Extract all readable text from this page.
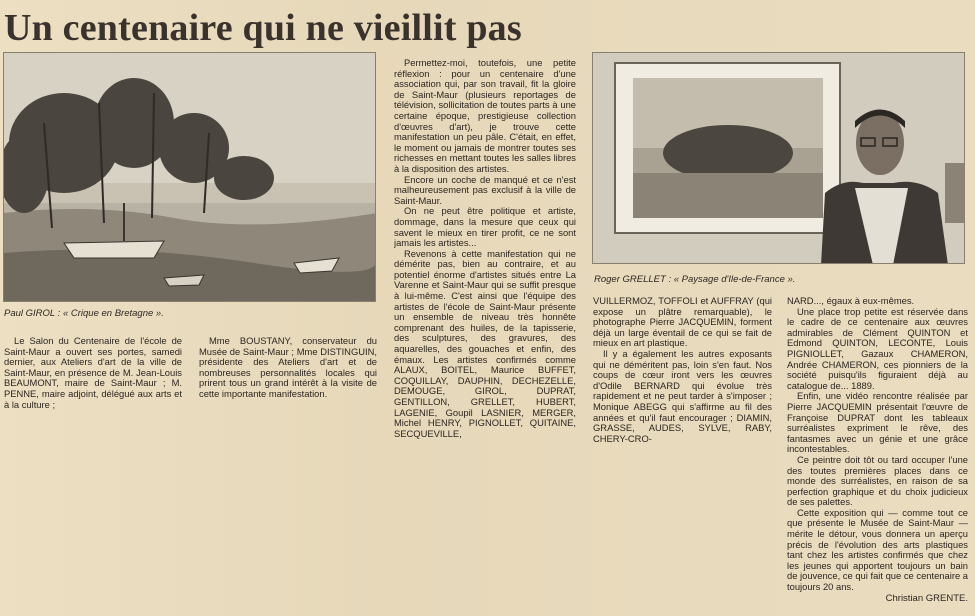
Un centenaire qui ne vieillit pas
Paul GIROL : « Crique en Bretagne ».
Roger GRELLET : « Paysage d'Ile-de-France ».

Le Salon du Centenaire de l'école de Saint-Maur a ouvert ses portes, samedi dernier, aux Ateliers d'art de la ville de Saint-Maur, en présence de M. Jean-Louis BEAUMONT, maire de Saint-Maur ; M. PENNE, maire adjoint, délégué aux arts et à la culture ;

Mme BOUSTANY, conservateur du Musée de Saint-Maur ; Mme DISTINGUIN, présidente des Ateliers d'art et de nombreuses personnalités locales qui prirent tous un grand intérêt à la visite de cette importante manifestation.

Permettez-moi, toutefois, une petite réflexion : pour un centenaire d'une association qui, par son travail, fit la gloire de Saint-Maur (plusieurs reportages de télévision, sollicitation de toutes parts à une certaine époque, prestigieuse collection d'œuvres d'art), je trouve cette manifestation un peu pâle. C'était, en effet, le moment ou jamais de montrer toutes ses richesses en mettant toutes les salles libres à la disposition des artistes.

Encore un coche de manqué et ce n'est malheureusement pas exclusif à la ville de Saint-Maur.

On ne peut être politique et artiste, dommage, dans la mesure que ceux qui savent le mieux en tirer profit, ce ne sont jamais les artistes...

Revenons à cette manifestation qui ne démérite pas, bien au contraire, et au potentiel énorme d'artistes situés entre La Varenne et Saint-Maur qui se suffit presque à lui-même. C'est ainsi que l'équipe des artistes de l'école de Saint-Maur présente un ensemble de niveau très honnête comprenant des huiles, de la tapisserie, des sculptures, des gravures, des aquarelles, des gouaches et enfin, des émaux. Les artistes confirmés comme ALAUX, BOITEL, Maurice BUFFET, COQUILLAY, DAUPHIN, DECHEZELLE, DEMOUGE, GIROL, DUPRAT, GENTILLON, GRELLET, HUBERT, LAGENIE, Goupil LASNIER, MERGER, Michel HENRY, PIGNOLLET, QUITAINE, SECQUEVILLE,

VUILLERMOZ, TOFFOLI et AUFFRAY (qui expose un plâtre remarquable), le photographe Pierre JACQUEMIN, forment déjà un large éventail de ce qui se fait de mieux en art plastique.

Il y a également les autres exposants qui ne déméritent pas, loin s'en faut. Nos coups de cœur iront vers les œuvres d'Odile BERNARD qui évolue très rapidement et ne peut tarder à s'imposer ; Monique ABEGG qui s'affirme au fil des années et qu'il faut encourager ; DIAMIN, GRASSE, AUDES, SYLVE, RABY, CHERY-CRO-

NARD..., égaux à eux-mêmes.

Une place trop petite est réservée dans le cadre de ce centenaire aux œuvres admirables de Clément QUINTON et Edmond QUINTON, LECONTE, Louis PIGNIOLLET, Gazaux CHAMERON, Andrée CHAMERON, ces pionniers de la société puisqu'ils figuraient déjà au catalogue de... 1889.

Enfin, une vidéo rencontre réalisée par Pierre JACQUEMIN présentait l'œuvre de Françoise DUPRAT dont les tableaux surréalistes expriment le rêve, des fantasmes avec un génie et une grâce incontestables.

Ce peintre doit tôt ou tard occuper l'une des toutes premières places dans ce monde des surréalistes, en raison de sa perfection graphique et du choix judicieux de ses palettes.

Cette exposition qui — comme tout ce que présente le Musée de Saint-Maur — mérite le détour, vous donnera un aperçu précis de l'évolution des arts plastiques tant chez les artistes confirmés que chez les jeunes qui apportent toujours un bain de jouvence, ce qui fait que ce centenaire a toujours 20 ans.

Christian GRENTE.
